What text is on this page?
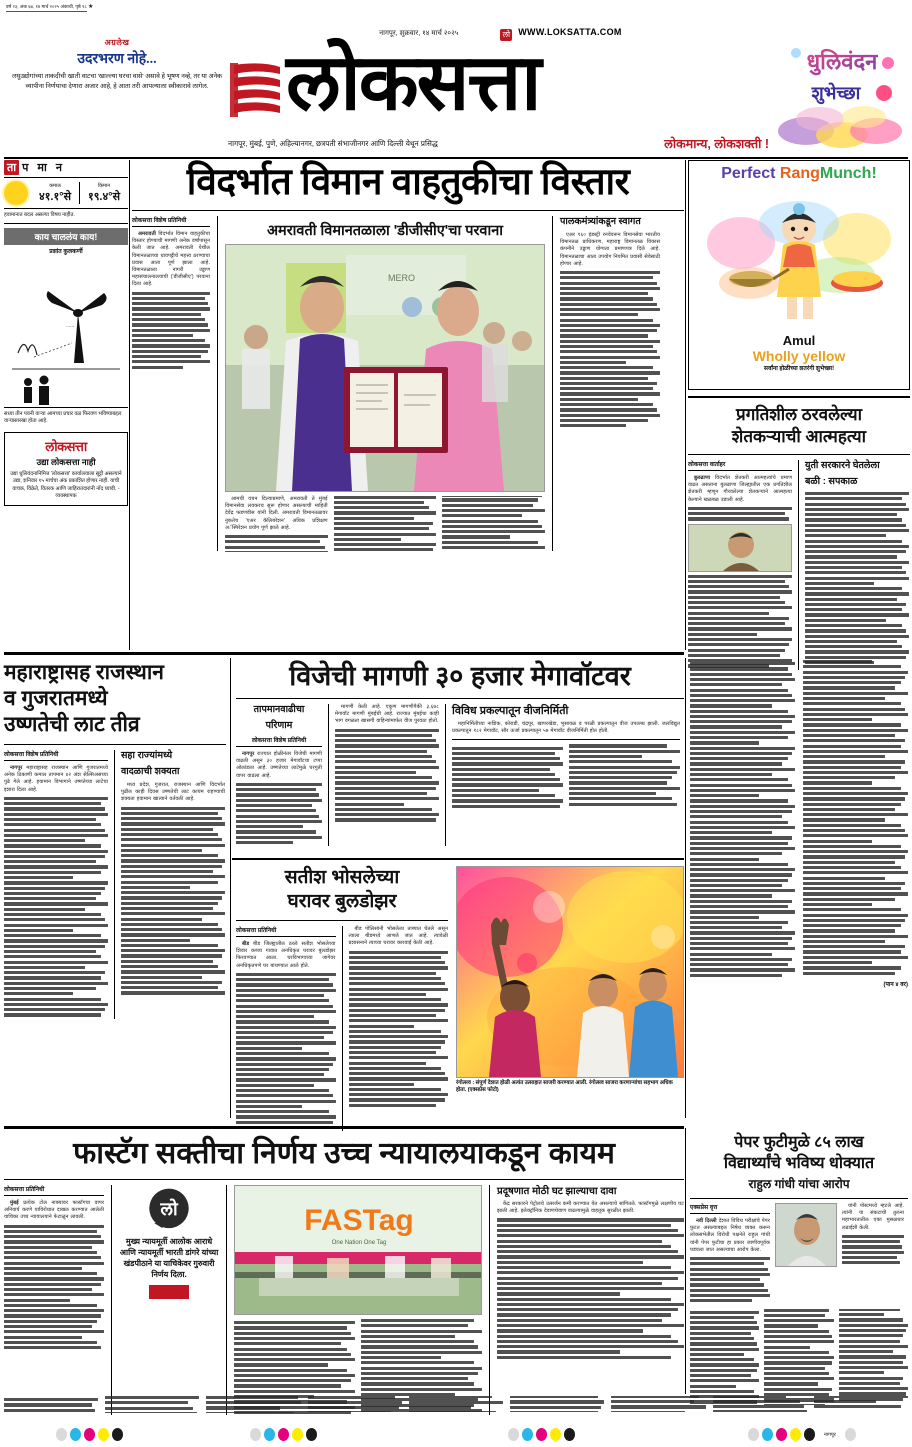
वर्ष २३, अंक ६७, १४ मार्च २०२५ अंकाची, पृष्ठे १८ ★
अग्रलेख
उदरभरण नोहे...
लघुउद्योगांच्या ताकदीची खाती वाटचा 'खाल्ल्या घरचा वासे' असावे हे भूषण नव्हे, तर या अनेक व्यापीना निर्णयाचा देणारा अजार आहे, हे आता तरी आपल्याला स्वीकारावे लागेल.
नागपूर, शुक्रवार, १४ मार्च २०२५	लो WWW.LOKSATTA.COM
लोकसत्ता
नागपूर, मुंबई, पुणे, अहिल्यानगर, छत्रपती संभाजीनगर आणि दिल्ली येथून प्रसिद्ध	लोकमान्य, लोकशक्ती !
धुलिवंदन
शुभेच्छा
ता प मा न
कमाल
४१.१°से
किमान
१९.४°से
हवामानात बदल असल्या विषय नाहीत.
काय चाललंय काय!
प्रशांत कुलकर्णी
......
सध्या तीन पवनी वाऱ्या आमच्या प्रचार वळ फिरवण भविष्याबद्दल वाऱ्यासारखा होता आहे.
लोकसत्ता
उद्या लोकसत्ता नाही
उद्या धुलिवंदनानिमित्त 'लोकसत्ता' कार्यालयाला सुट्टी असल्याने उद्या, शनिवार १५ मार्चचा अंक प्रकाशित होणार नाही. याची वाचक, विक्रेते, वितरक आणि जाहिरातदारांनी नोंद घ्यावी. - व्यवस्थापक
विदर्भात विमान वाहतुकीचा विस्तार
लोकसत्ता विशेष प्रतिनिधी

अमरावती विदर्भात विमान वाहतुकीचा विस्तार होण्याची मागणी अनेक वर्षांपासून केली जात आहे. अमरावती येथील विमानतळाच्या धावपट्टीचे महत्त्व ठरण्याचा प्रवास आता पूर्ण झाला आहे. विमानतळाला नागरी उड्डाण महासंचालनालयाची ('डीजीसीए') परवाना दिला आहे.

अमरावती विमानतळाला 'डीजीसीए'चा परवाना
MERO

आमची वचन दिल्याप्रमाणे, अमरावती ते मुंबई विमानसेवा लवकरच सुरू होणार असल्याची माहिती देवेंद्र फडणवीस यांनी दिली. अमरावती विमानतळावर नुकतेच 'एअर कॅलिबरेशन' अधिक प्रशिक्षण अॅस्पिरेशन प्रयोग पूर्ण झाले आहे.

पालकमंत्र्यांकडून स्वागत

एअर १६० इंडस्ट्री रनवेवरून विमानसेवा भारतीय विमानतळ प्राधिकरण, महाराष्ट्र विमानतळ विकास कंपनीने उड्डाण योग्यता प्रमाणपत्र दिले आहे. विमानतळाचा आता उपयोग नियमित प्रवासी सेवेसाठी होणार आहे.

Perfect RangMunch!
Amul
Wholly yellow
सर्वांना होळीच्या शतरंगी शुभेच्छा!
प्रगतिशील ठरवलेल्या
शेतकऱ्याची आत्महत्या
लोकसत्ता वार्ताहर

बुलढाणा विदर्भात शेतकरी आत्महत्यांचे प्रमाण वाढत असताना बुलढाणा जिल्ह्यातील एक प्रगतिशील शेतकरी म्हणून गौरवलेल्या शेतकऱ्याने आत्महत्या केल्याने खळबळ उडाली आहे.

युती सरकारने घेतलेला
बळी : सपकाळ
महाराष्ट्रासह राजस्थान
व गुजरातमध्ये
उष्णतेची लाट तीव्र
लोकसत्ता विशेष प्रतिनिधी

नागपूर महाराष्ट्रासह राजस्थान आणि गुजरातमध्ये अनेक ठिकाणी कमाल तापमान ४२ अंश सेल्सिअसच्या पुढे गेले आहे. हवामान विभागाने उष्णतेच्या लाटेचा इशारा दिला आहे.

सहा राज्यांमध्ये
वादळाची शक्यता

मध्य प्रदेश, गुजरात, राजस्थान आणि विदर्भात पुढील काही दिवस उष्णतेची लाट कायम राहण्याची शक्यता हवामान खात्याने वर्तवली आहे.

विजेची मागणी ३० हजार मेगावॉटवर
तापमानवाढीचा
परिणाम
लोकसत्ता विशेष प्रतिनिधी

नागपूर राज्यात होळीनंतर विजेची मागणी वाढली असून ३० हजार मेगावॉटचा टप्पा ओलांडला आहे. उष्णतेच्या लाटेमुळे घरगुती वापर वाढला आहे.

मागणी केली आहे. एकूण मागणीपैकी ३,६७८ मेगावॉट मागणी मुंबईची आहे. राज्यात मुंबईचा काही भाग वगळता खासगी वाहिन्यांमार्फत वीज पुरवठा होतो.

विविध प्रकल्पातून वीजनिर्मिती

महानिर्मितीच्या नाशिक, कोराडी, चंद्रपूर, खापरखेडा, भुसावळ व परळी प्रकल्पातून वीज उपलब्ध झाली. जलविद्युत प्रकल्पातून १८२ मेगावॉट, सौर ऊर्जा प्रकल्पातून ५७ मेगावॉट वीजनिर्मिती होत होती.

सतीश भोसलेच्या
घरावर बुलडोझर
लोकसत्ता प्रतिनिधी

बीड बीड जिल्ह्यातील ठरले सतीश भोसलेच्या शिवार कब्जा गावात अनधिकृत घरावर बुलडोझर फिरवण्यात आला. घरविभागाच्या जागेवर अनधिकृतपणे घर बांधण्यात आले होते.

बीड पोलिसांनी भोसलेला ताब्यात घेतले असून त्याला बीडमध्ये आणले जात आहे. त्यावेळी प्रशासनाने त्याच्या घरावर कारवाई केली आहे.

रंगोत्सव : संपूर्ण देशात होळी अत्यंत उत्साहात साजरी करण्यात आली. रंगोत्सव साजरा करणाऱ्यांचा सहभाग अधिक होता. (एक्सप्रेस फोटो)
(पान ४ वर)
फास्टॅग सक्तीचा निर्णय उच्च न्यायालयाकडून कायम
लोकसत्ता प्रतिनिधी

मुंबई प्रत्येक टोल नाक्यावर फास्टॅगचा वापर अनिवार्य करणे याविरोधात दाखल करण्यात आलेली याचिका उच्च न्यायालयाने फेटाळून लावली.	लो
मुख्य न्यायमूर्ती आलोक आराधे आणि न्यायमूर्ती भारती डांगरे यांच्या खंडपीठाने या याचिकेवर गुरुवारी निर्णय दिला.
FASTag
One Nation One Tag
प्रदूषणात मोठी घट झाल्याचा दावा

केंद्र सरकारने पेट्रोलचे उत्सर्जन कमी करण्यात येत असल्याचे सांगितले. फास्टॅगमुळे लक्षणीय घट झाली आहे. इलेक्ट्रॉनिक देवाणघेवाण वाढल्यामुळे वाहतूक सुरळीत झाली.

पेपर फुटीमुळे ८५ लाख
विद्यार्थ्यांचे भविष्य धोक्यात
राहुल गांधी यांचा आरोप
एक्सप्रेस वृत्त

नवी दिल्ली देशात विविध परीक्षांचे पेपर फुटत असल्याबद्दल निषेध व्यक्त करून लोकसभेतील विरोधी पक्षनेते राहुल गांधी यांनी पेपर फुटीचा हा प्रकार जाणीवपूर्वक घडवला जात असल्याचा आरोप केला.

यांनी पोस्टमध्ये म्हटले आहे. त्यांनी या संकटाची तुलना महाभारतातील एका मुसळधार लढाईशी केली.

नागपूर
